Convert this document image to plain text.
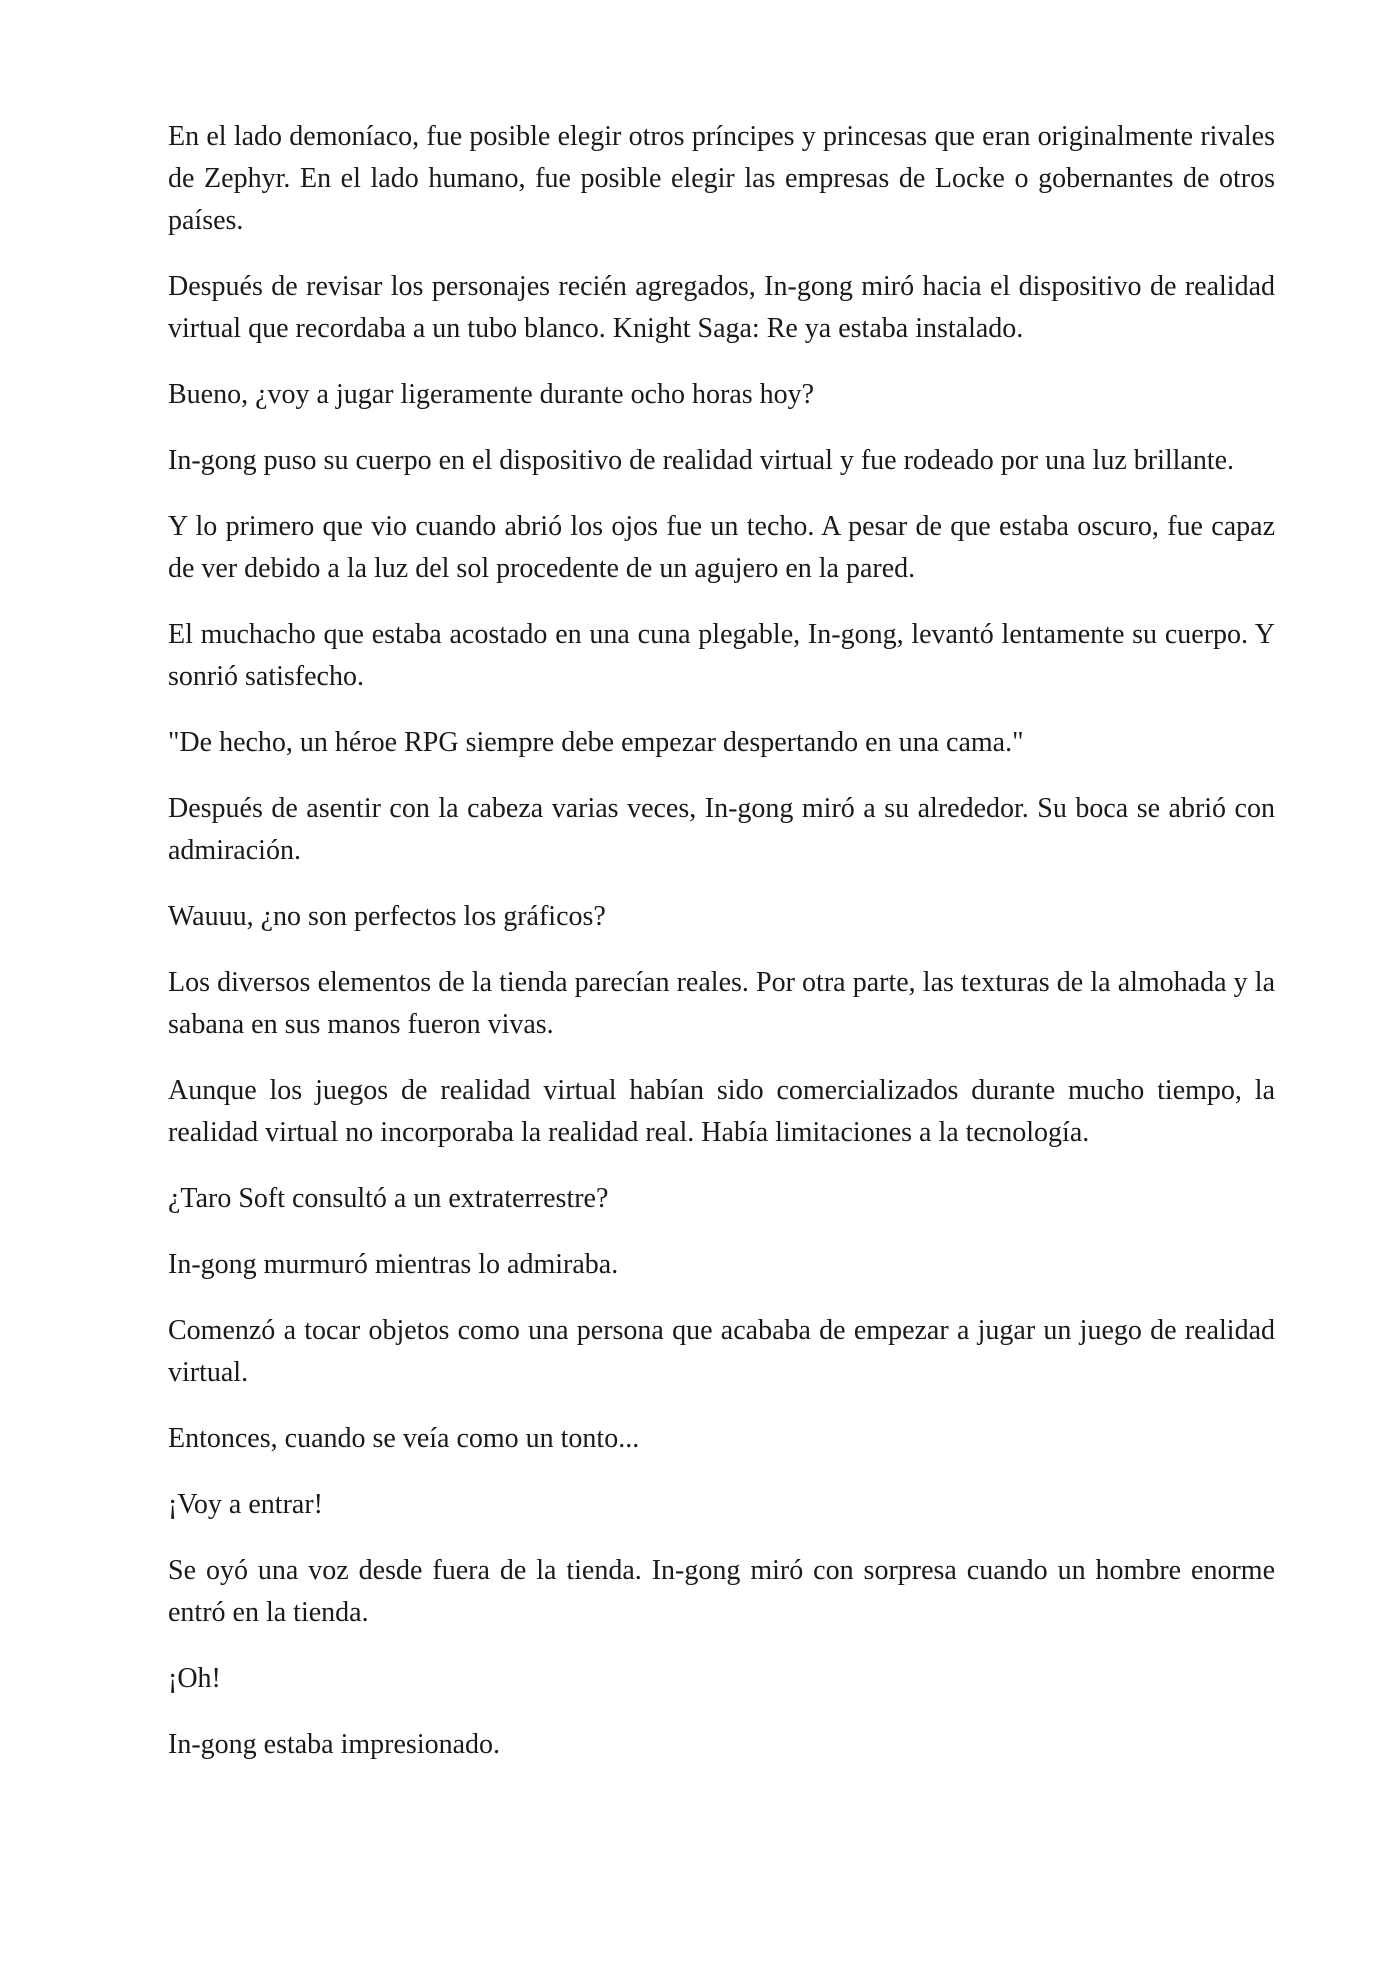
En el lado demoníaco, fue posible elegir otros príncipes y princesas que eran originalmente rivales de Zephyr. En el lado humano, fue posible elegir las empresas de Locke o gobernantes de otros países.

Después de revisar los personajes recién agregados, In-gong miró hacia el dispositivo de realidad virtual que recordaba a un tubo blanco. Knight Saga: Re ya estaba instalado.

Bueno, ¿voy a jugar ligeramente durante ocho horas hoy?

In-gong puso su cuerpo en el dispositivo de realidad virtual y fue rodeado por una luz brillante.

Y lo primero que vio cuando abrió los ojos fue un techo. A pesar de que estaba oscuro, fue capaz de ver debido a la luz del sol procedente de un agujero en la pared.

El muchacho que estaba acostado en una cuna plegable, In-gong, levantó lentamente su cuerpo. Y sonrió satisfecho.

"De hecho, un héroe RPG siempre debe empezar despertando en una cama."

Después de asentir con la cabeza varias veces, In-gong miró a su alrededor. Su boca se abrió con admiración.

Wauuu, ¿no son perfectos los gráficos?

Los diversos elementos de la tienda parecían reales. Por otra parte, las texturas de la almohada y la sabana en sus manos fueron vivas.

Aunque los juegos de realidad virtual habían sido comercializados durante mucho tiempo, la realidad virtual no incorporaba la realidad real. Había limitaciones a la tecnología.

¿Taro Soft consultó a un extraterrestre?

In-gong murmuró mientras lo admiraba.

Comenzó a tocar objetos como una persona que acababa de empezar a jugar un juego de realidad virtual.

Entonces, cuando se veía como un tonto...

¡Voy a entrar!

Se oyó una voz desde fuera de la tienda. In-gong miró con sorpresa cuando un hombre enorme entró en la tienda.

¡Oh!

In-gong estaba impresionado.
